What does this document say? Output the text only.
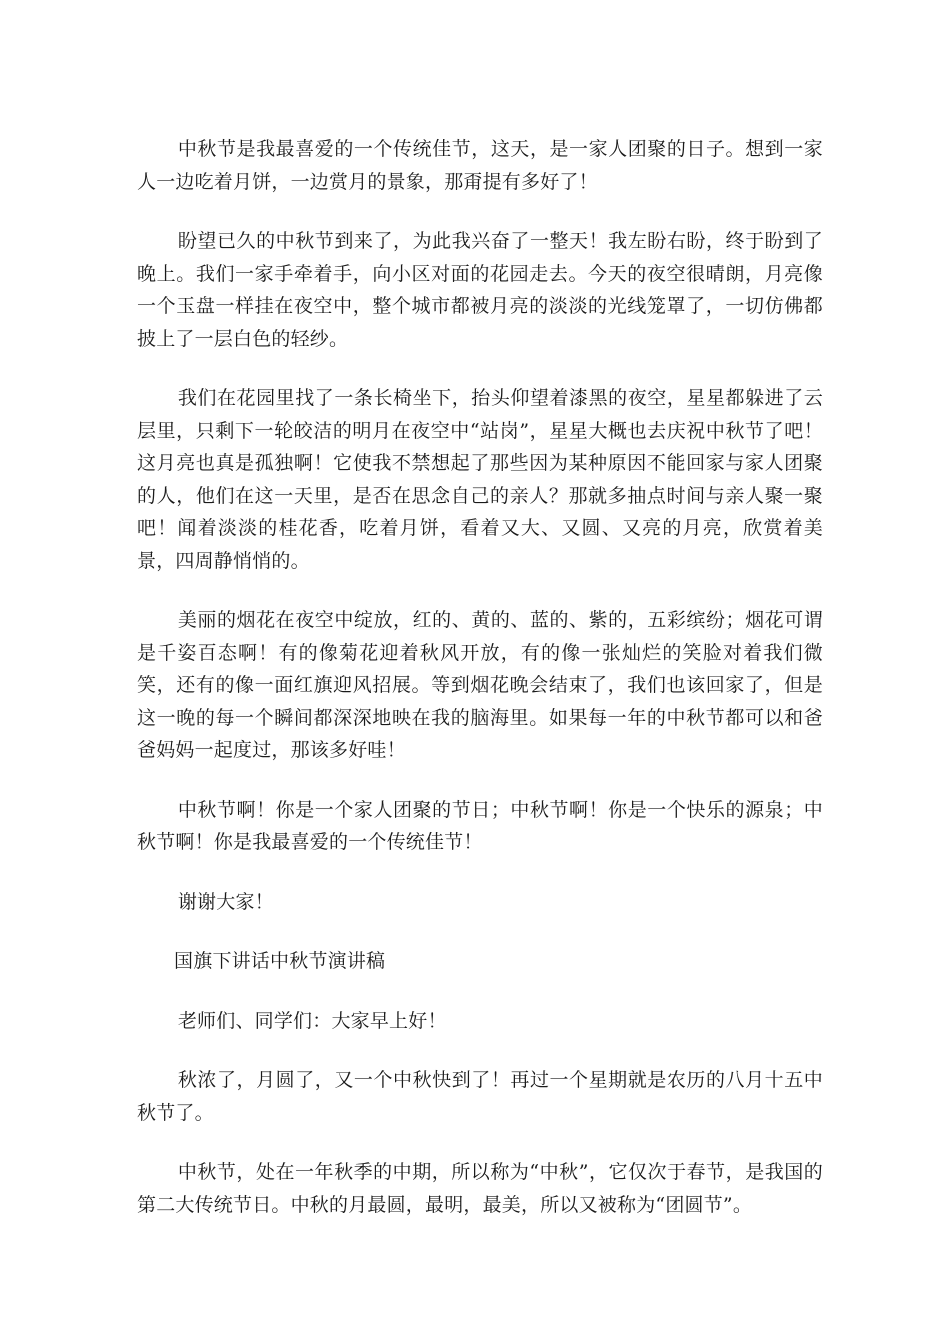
中秋节是我最喜爱的一个传统佳节，这天，是一家人团聚的日子。想到一家人一边吃着月饼，一边赏月的景象，那甭提有多好了！

盼望已久的中秋节到来了，为此我兴奋了一整天！我左盼右盼，终于盼到了晚上。我们一家手牵着手，向小区对面的花园走去。今天的夜空很晴朗，月亮像一个玉盘一样挂在夜空中，整个城市都被月亮的淡淡的光线笼罩了，一切仿佛都披上了一层白色的轻纱。

我们在花园里找了一条长椅坐下，抬头仰望着漆黑的夜空，星星都躲进了云层里，只剩下一轮皎洁的明月在夜空中“站岗”，星星大概也去庆祝中秋节了吧！这月亮也真是孤独啊！它使我不禁想起了那些因为某种原因不能回家与家人团聚的人，他们在这一天里，是否在思念自己的亲人？那就多抽点时间与亲人聚一聚吧！闻着淡淡的桂花香，吃着月饼，看着又大、又圆、又亮的月亮，欣赏着美景，四周静悄悄的。

美丽的烟花在夜空中绽放，红的、黄的、蓝的、紫的，五彩缤纷；烟花可谓是千姿百态啊！有的像菊花迎着秋风开放，有的像一张灿烂的笑脸对着我们微笑，还有的像一面红旗迎风招展。等到烟花晚会结束了，我们也该回家了，但是这一晚的每一个瞬间都深深地映在我的脑海里。如果每一年的中秋节都可以和爸爸妈妈一起度过，那该多好哇！

中秋节啊！你是一个家人团聚的节日；中秋节啊！你是一个快乐的源泉；中秋节啊！你是我最喜爱的一个传统佳节！

谢谢大家！

国旗下讲话中秋节演讲稿

老师们、同学们：大家早上好！

秋浓了，月圆了，又一个中秋快到了！再过一个星期就是农历的八月十五中秋节了。

中秋节，处在一年秋季的中期，所以称为“中秋”，它仅次于春节，是我国的第二大传统节日。中秋的月最圆，最明，最美，所以又被称为“团圆节”。
